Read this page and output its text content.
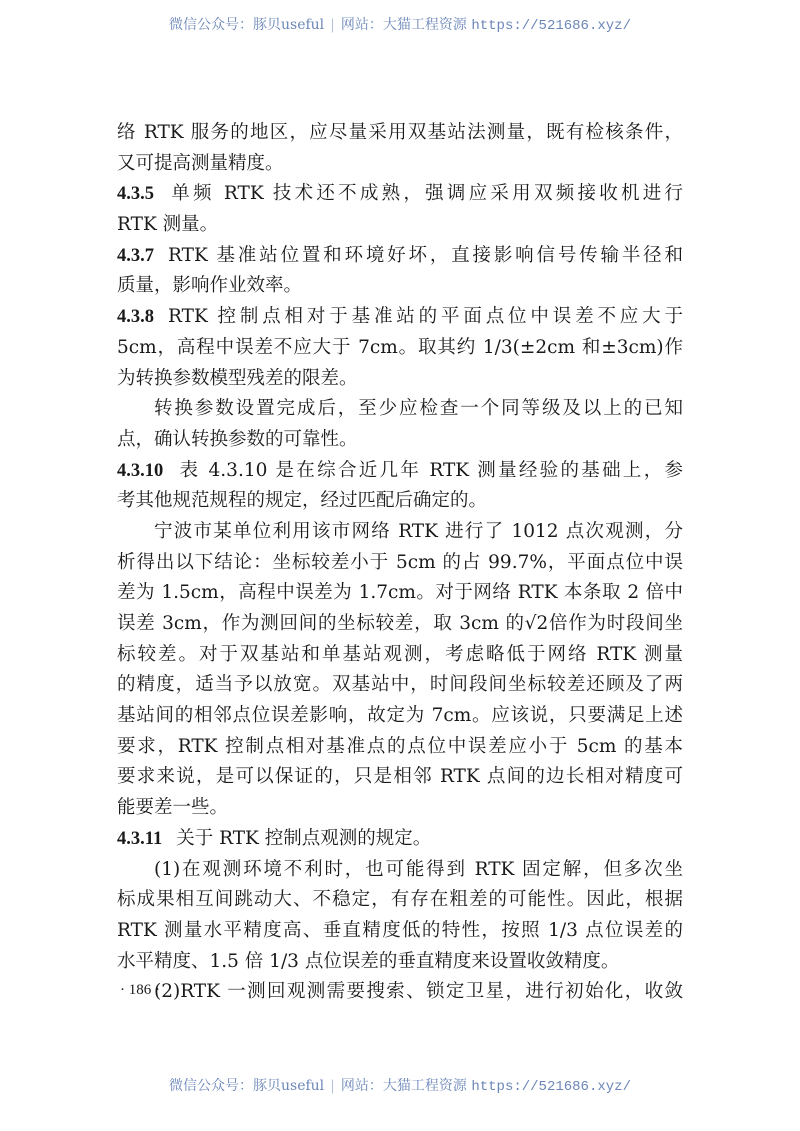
微信公众号：豚贝useful | 网站：大猫工程资源 https://521686.xyz/
络 RTK 服务的地区，应尽量采用双基站法测量，既有检核条件，
又可提高测量精度。
4.3.5 单频 RTK 技术还不成熟，强调应采用双频接收机进行
RTK 测量。
4.3.7 RTK 基准站位置和环境好坏，直接影响信号传输半径和
质量，影响作业效率。
4.3.8 RTK 控制点相对于基准站的平面点位中误差不应大于
5cm，高程中误差不应大于 7cm。取其约 1/3(±2cm 和±3cm)作
为转换参数模型残差的限差。
转换参数设置完成后，至少应检查一个同等级及以上的已知
点，确认转换参数的可靠性。
4.3.10 表 4.3.10 是在综合近几年 RTK 测量经验的基础上，参
考其他规范规程的规定，经过匹配后确定的。
宁波市某单位利用该市网络 RTK 进行了 1012 点次观测，分
析得出以下结论：坐标较差小于 5cm 的占 99.7%，平面点位中误
差为 1.5cm，高程中误差为 1.7cm。对于网络 RTK 本条取 2 倍中
误差 3cm，作为测回间的坐标较差，取 3cm 的√2倍作为时段间坐
标较差。对于双基站和单基站观测，考虑略低于网络 RTK 测量
的精度，适当予以放宽。双基站中，时间段间坐标较差还顾及了两
基站间的相邻点位误差影响，故定为 7cm。应该说，只要满足上述
要求，RTK 控制点相对基准点的点位中误差应小于 5cm 的基本
要求来说，是可以保证的，只是相邻 RTK 点间的边长相对精度可
能要差一些。
4.3.11 关于 RTK 控制点观测的规定。
(1)在观测环境不利时，也可能得到 RTK 固定解，但多次坐
标成果相互间跳动大、不稳定，有存在粗差的可能性。因此，根据
RTK 测量水平精度高、垂直精度低的特性，按照 1/3 点位误差的
水平精度、1.5 倍 1/3 点位误差的垂直精度来设置收敛精度。
(2)RTK 一测回观测需要搜索、锁定卫星，进行初始化，收敛
· 186 ·
微信公众号：豚贝useful | 网站：大猫工程资源 https://521686.xyz/
